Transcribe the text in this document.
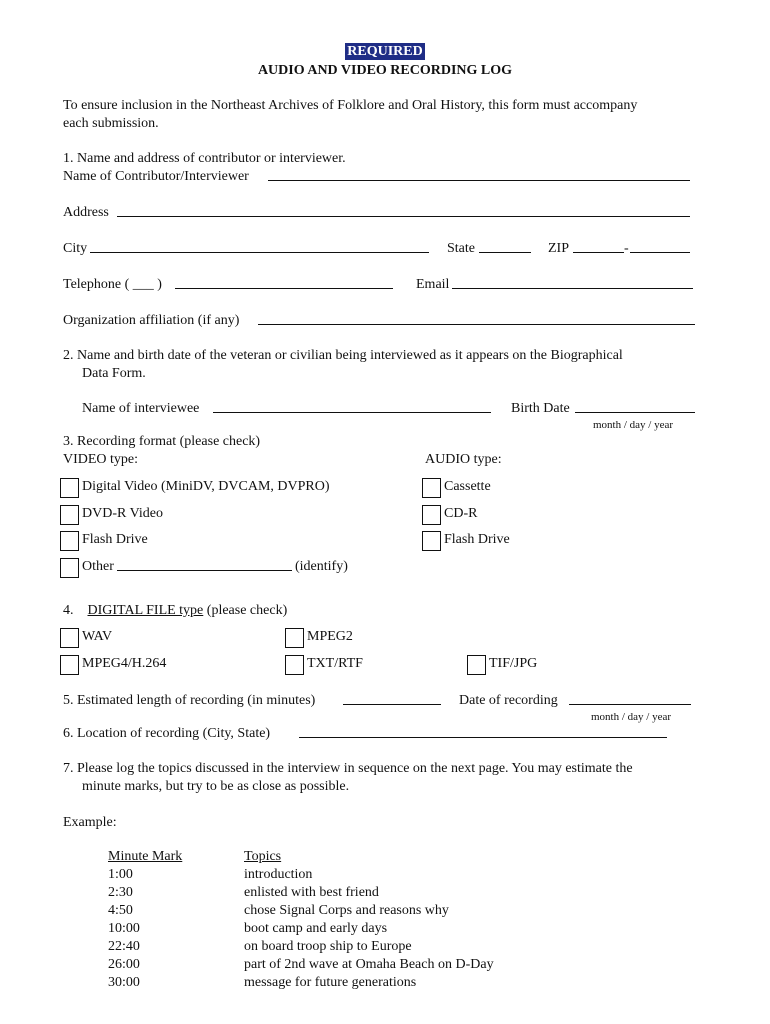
REQUIRED
AUDIO AND VIDEO RECORDING LOG
To ensure inclusion in the Northeast Archives of Folklore and Oral History, this form must accompany
each submission.
1. Name and address of contributor or interviewer.
Name of Contributor/Interviewer
Address
City	State	ZIP	-
Telephone ( ___ )	Email
Organization affiliation (if any)
2. Name and birth date of the veteran or civilian being interviewed as it appears on the Biographical
Data Form.
Name of interviewee	Birth Date
month / day / year
3. Recording format (please check)
VIDEO type:	AUDIO type:
Digital Video (MiniDV, DVCAM, DVPRO)	Cassette
DVD-R Video	CD-R
Flash Drive	Flash Drive
Other	(identify)
4. DIGITAL FILE type (please check)
WAV	MPEG2
MPEG4/H.264	TXT/RTF	TIF/JPG
5. Estimated length of recording (in minutes)	Date of recording
month / day / year
6. Location of recording (City, State)
7. Please log the topics discussed in the interview in sequence on the next page. You may estimate the
minute marks, but try to be as close as possible.
Example:
Minute Mark	Topics
1:00	introduction
2:30	enlisted with best friend
4:50	chose Signal Corps and reasons why
10:00	boot camp and early days
22:40	on board troop ship to Europe
26:00	part of 2nd wave at Omaha Beach on D-Day
30:00	message for future generations
